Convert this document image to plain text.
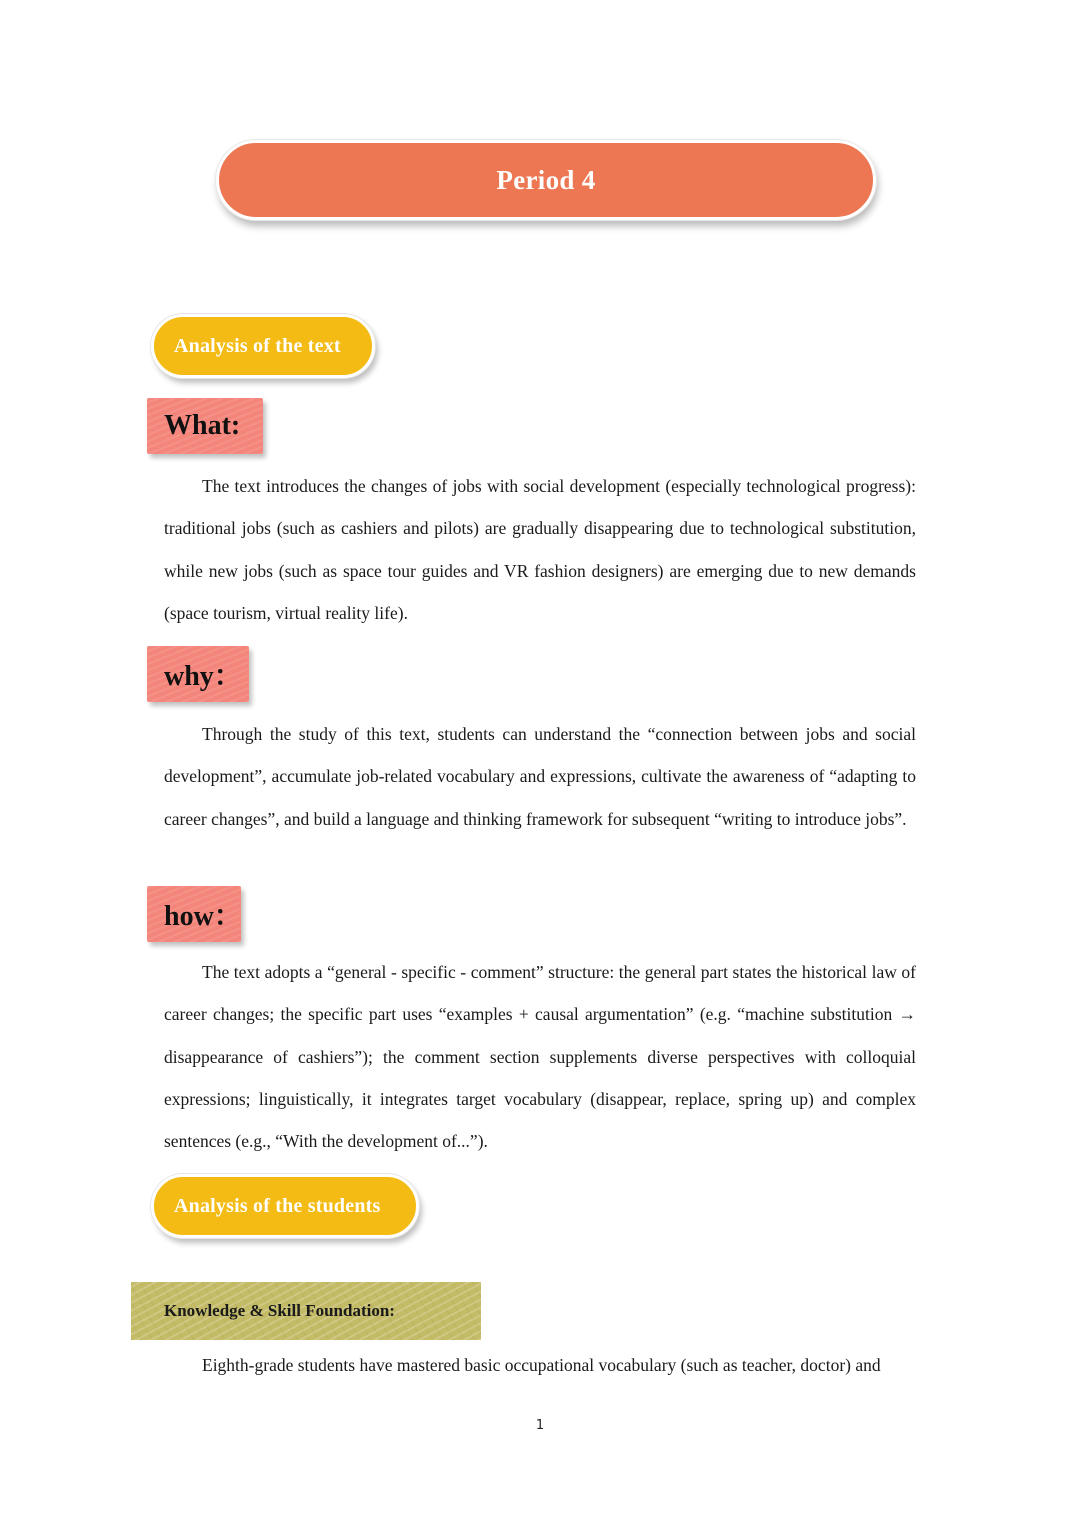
Period 4
Analysis of the text
What:

The text introduces the changes of jobs with social development (especially technological progress): traditional jobs (such as cashiers and pilots) are gradually disappearing due to technological substitution, while new jobs (such as space tour guides and VR fashion designers) are emerging due to new demands (space tourism, virtual reality life).

why：

Through the study of this text, students can understand the “connection between jobs and social development”, accumulate job-related vocabulary and expressions, cultivate the awareness of “adapting to career changes”, and build a language and thinking framework for subsequent “writing to introduce jobs”.

how：

The text adopts a “general - specific - comment” structure: the general part states the historical law of career changes; the specific part uses “examples + causal argumentation” (e.g. “machine substitution → disappearance of cashiers”); the comment section supplements diverse perspectives with colloquial expressions; linguistically, it integrates target vocabulary (disappear, replace, spring up) and complex sentences (e.g., “With the development of...”).

Analysis of the students
Knowledge & Skill Foundation:

Eighth-grade students have mastered basic occupational vocabulary (such as teacher, doctor) and

1
